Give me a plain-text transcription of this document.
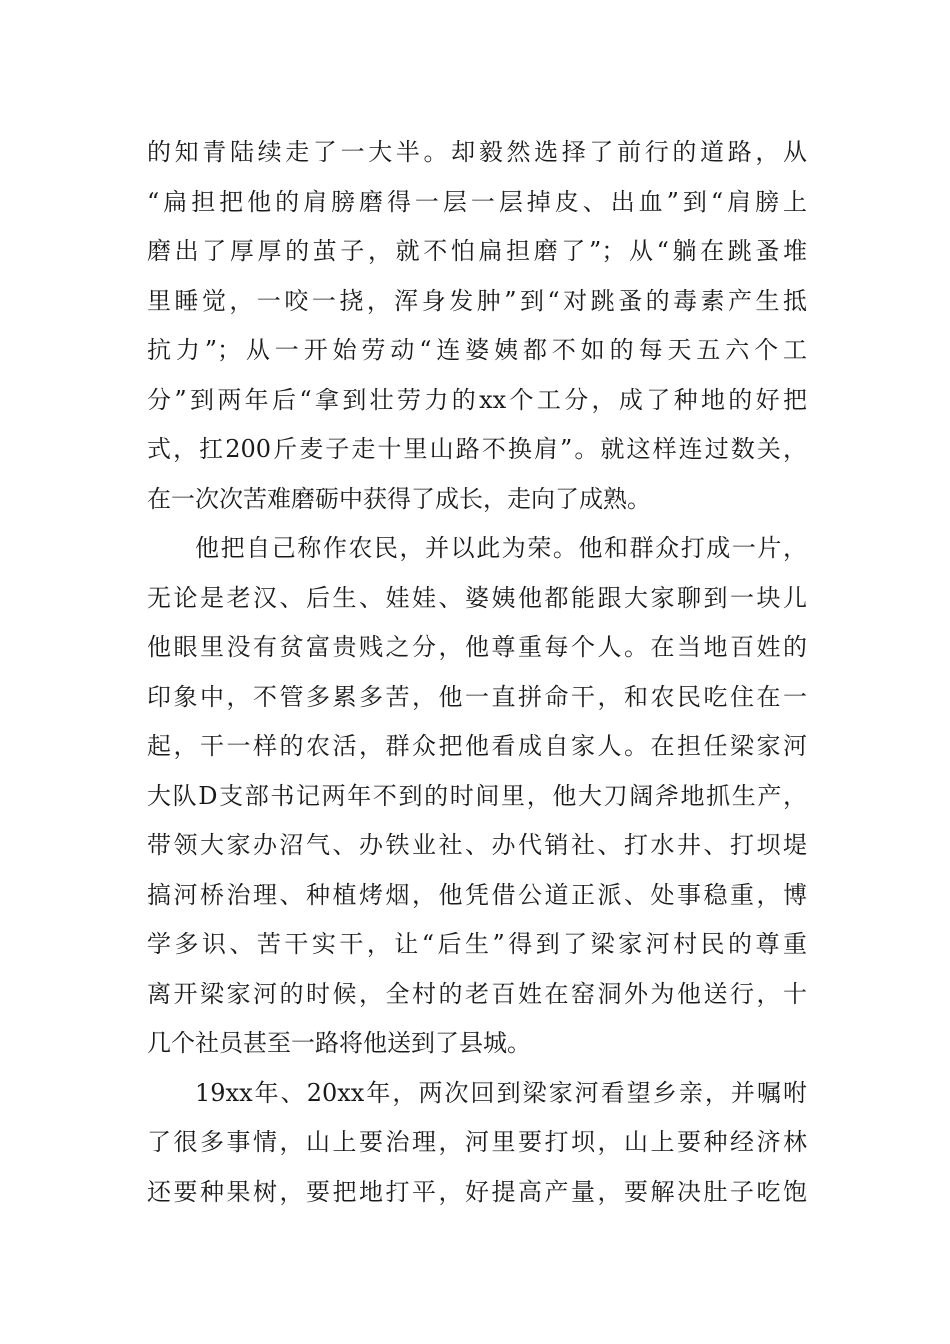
的知青陆续走了一大半。却毅然选择了前行的道路，从
“扁担把他的肩膀磨得一层一层掉皮、出血”到“肩膀上
磨出了厚厚的茧子，就不怕扁担磨了”；从“躺在跳蚤堆
里睡觉，一咬一挠，浑身发肿”到“对跳蚤的毒素产生抵
抗力”；从一开始劳动“连婆姨都不如的每天五六个工
分”到两年后“拿到壮劳力的xx个工分，成了种地的好把
式，扛200斤麦子走十里山路不换肩”。就这样连过数关，
在一次次苦难磨砺中获得了成长，走向了成熟。
他把自己称作农民，并以此为荣。他和群众打成一片，
无论是老汉、后生、娃娃、婆姨他都能跟大家聊到一块儿
他眼里没有贫富贵贱之分，他尊重每个人。在当地百姓的
印象中，不管多累多苦，他一直拼命干，和农民吃住在一
起，干一样的农活，群众把他看成自家人。在担任梁家河
大队D支部书记两年不到的时间里，他大刀阔斧地抓生产，
带领大家办沼气、办铁业社、办代销社、打水井、打坝堤
搞河桥治理、种植烤烟，他凭借公道正派、处事稳重，博
学多识、苦干实干，让“后生”得到了梁家河村民的尊重
离开梁家河的时候，全村的老百姓在窑洞外为他送行，十
几个社员甚至一路将他送到了县城。
19xx年、20xx年，两次回到梁家河看望乡亲，并嘱咐
了很多事情，山上要治理，河里要打坝，山上要种经济林
还要种果树，要把地打平，好提高产量，要解决肚子吃饱
